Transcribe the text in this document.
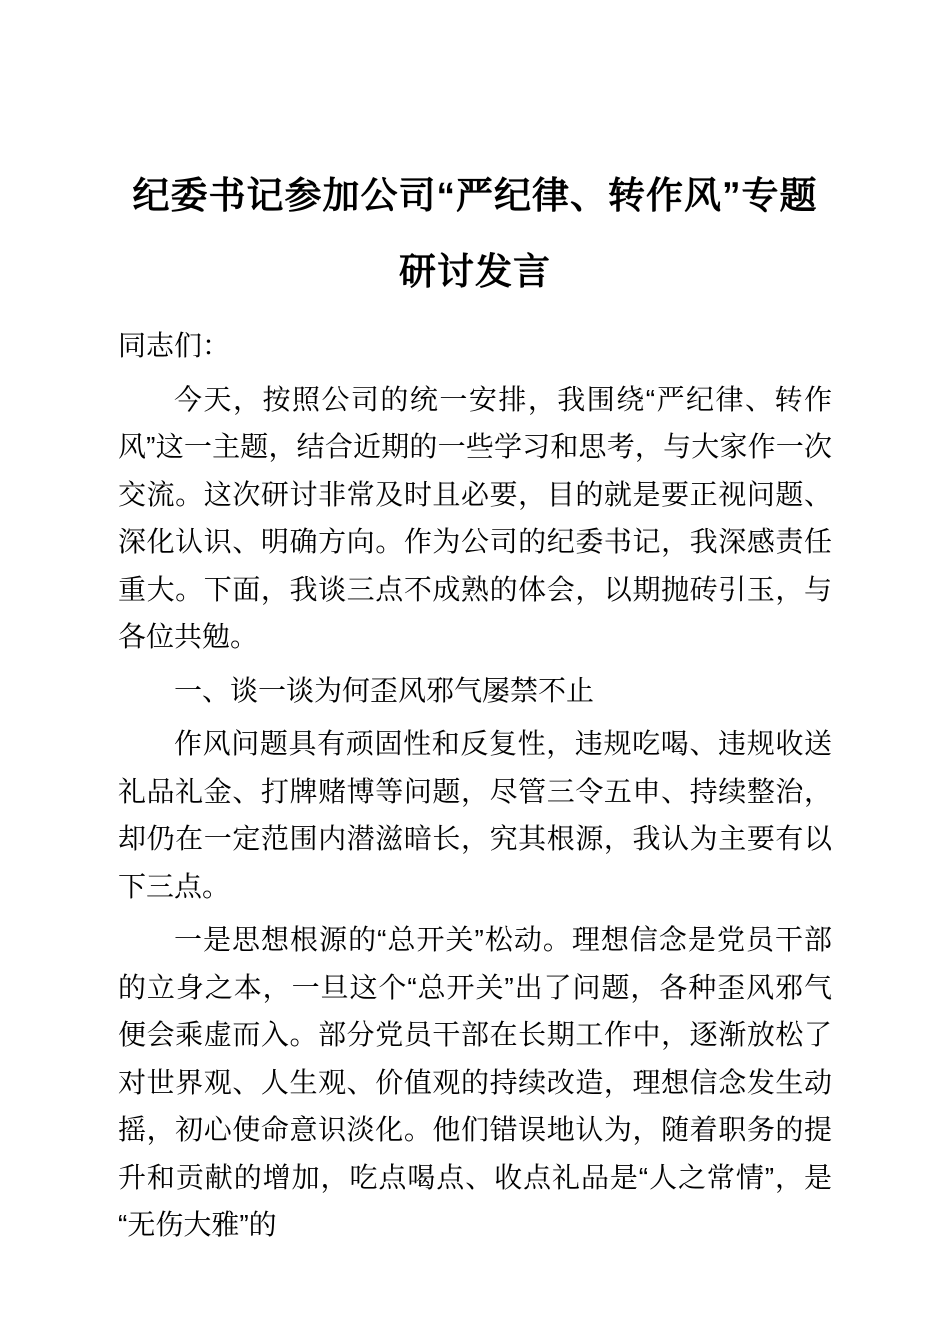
纪委书记参加公司“严纪律、转作风”专题
研讨发言

同志们：

今天，按照公司的统一安排，我围绕“严纪律、转作风”这一主题，结合近期的一些学习和思考，与大家作一次交流。这次研讨非常及时且必要，目的就是要正视问题、深化认识、明确方向。作为公司的纪委书记，我深感责任重大。下面，我谈三点不成熟的体会，以期抛砖引玉，与各位共勉。

一、谈一谈为何歪风邪气屡禁不止

作风问题具有顽固性和反复性，违规吃喝、违规收送礼品礼金、打牌赌博等问题，尽管三令五申、持续整治，却仍在一定范围内潜滋暗长，究其根源，我认为主要有以下三点。

一是思想根源的“总开关”松动。理想信念是党员干部的立身之本，一旦这个“总开关”出了问题，各种歪风邪气便会乘虚而入。部分党员干部在长期工作中，逐渐放松了对世界观、人生观、价值观的持续改造，理想信念发生动摇，初心使命意识淡化。他们错误地认为，随着职务的提升和贡献的增加，吃点喝点、收点礼品是“人之常情”，是“无伤大雅”的
